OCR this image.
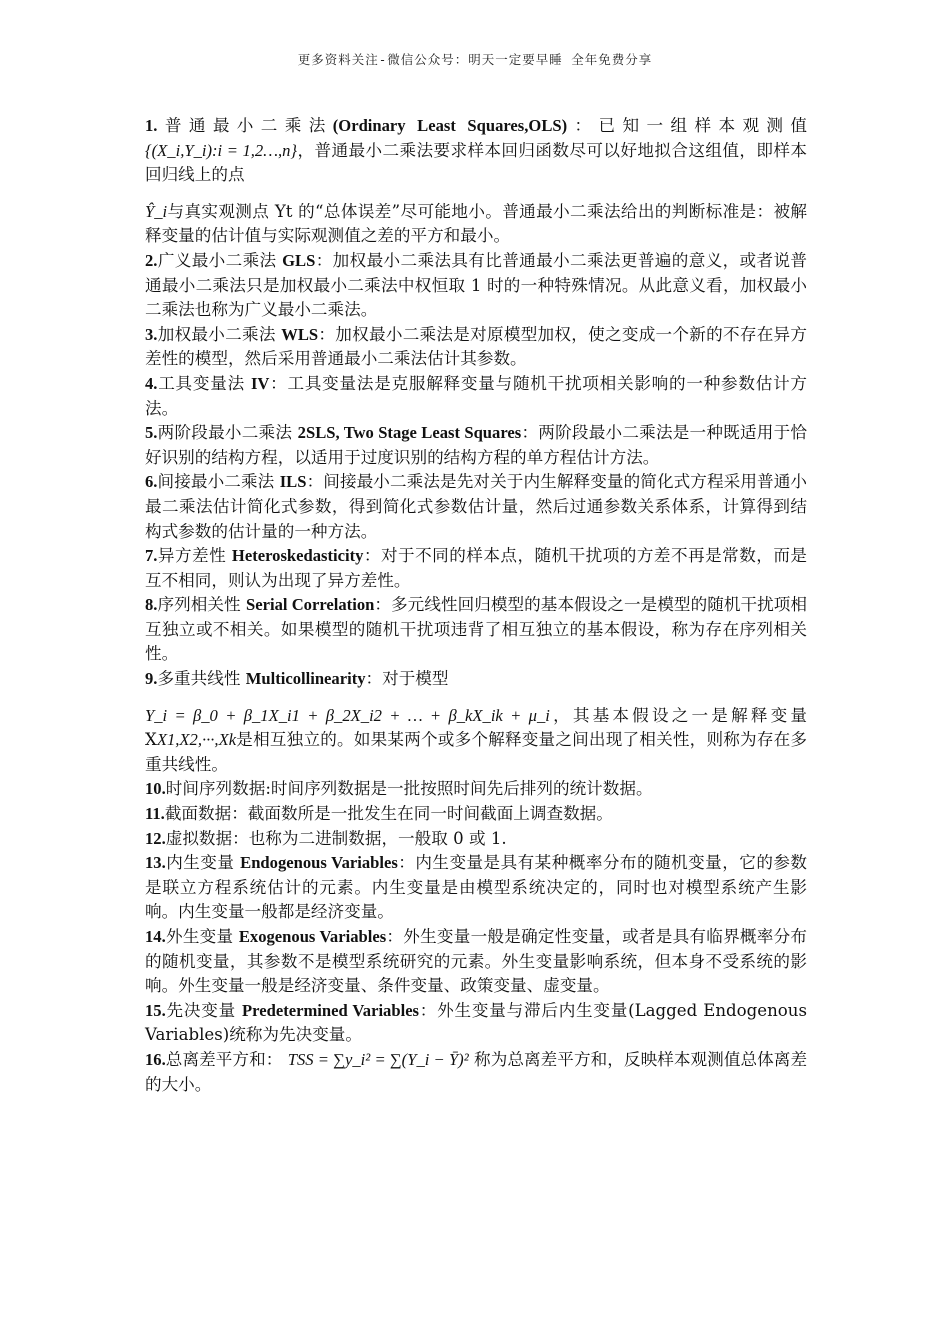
更多资料关注-微信公众号：明天一定要早睡 全年免费分享

1.普通最小二乘法(Ordinary Least Squares,OLS)：已知一组样本观测值 {(X_i,Y_i):i = 1,2…,n}，普通最小二乘法要求样本回归函数尽可以好地拟合这组值，即样本回归线上的点

Ŷ_i与真实观测点 Yt 的“总体误差”尽可能地小。普通最小二乘法给出的判断标准是：被解释变量的估计值与实际观测值之差的平方和最小。

2.广义最小二乘法 GLS：加权最小二乘法具有比普通最小二乘法更普遍的意义，或者说普通最小二乘法只是加权最小二乘法中权恒取 1 时的一种特殊情况。从此意义看，加权最小二乘法也称为广义最小二乘法。

3.加权最小二乘法 WLS：加权最小二乘法是对原模型加权，使之变成一个新的不存在异方差性的模型，然后采用普通最小二乘法估计其参数。

4.工具变量法 IV：工具变量法是克服解释变量与随机干扰项相关影响的一种参数估计方法。

5.两阶段最小二乘法 2SLS, Two Stage Least Squares：两阶段最小二乘法是一种既适用于恰好识别的结构方程，以适用于过度识别的结构方程的单方程估计方法。

6.间接最小二乘法 ILS：间接最小二乘法是先对关于内生解释变量的简化式方程采用普通小最二乘法估计简化式参数，得到简化式参数估计量，然后过通参数关系体系，计算得到结构式参数的估计量的一种方法。

7.异方差性 Heteroskedasticity：对于不同的样本点，随机干扰项的方差不再是常数，而是互不相同，则认为出现了异方差性。

8.序列相关性 Serial Correlation：多元线性回归模型的基本假设之一是模型的随机干扰项相互独立或不相关。如果模型的随机干扰项违背了相互独立的基本假设，称为存在序列相关性。

9.多重共线性 Multicollinearity：对于模型

Y_i = β_0 + β_1X_i1 + β_2X_i2 + … + β_kX_ik + μ_i，其基本假设之一是解释变量 XX1,X2,···,Xk是相互独立的。如果某两个或多个解释变量之间出现了相关性，则称为存在多重共线性。

10.时间序列数据:时间序列数据是一批按照时间先后排列的统计数据。

11.截面数据：截面数所是一批发生在同一时间截面上调查数据。

12.虚拟数据：也称为二进制数据，一般取 0 或 1.

13.内生变量 Endogenous Variables：内生变量是具有某种概率分布的随机变量，它的参数是联立方程系统估计的元素。内生变量是由模型系统决定的，同时也对模型系统产生影响。内生变量一般都是经济变量。

14.外生变量 Exogenous Variables：外生变量一般是确定性变量，或者是具有临界概率分布的随机变量，其参数不是模型系统研究的元素。外生变量影响系统，但本身不受系统的影响。外生变量一般是经济变量、条件变量、政策变量、虚变量。

15.先决变量 Predetermined Variables：外生变量与滞后内生变量(Lagged Endogenous Variables)统称为先决变量。

16.总离差平方和： TSS = ∑y_i² = ∑(Y_i − Ȳ)² 称为总离差平方和，反映样本观测值总体离差的大小。
